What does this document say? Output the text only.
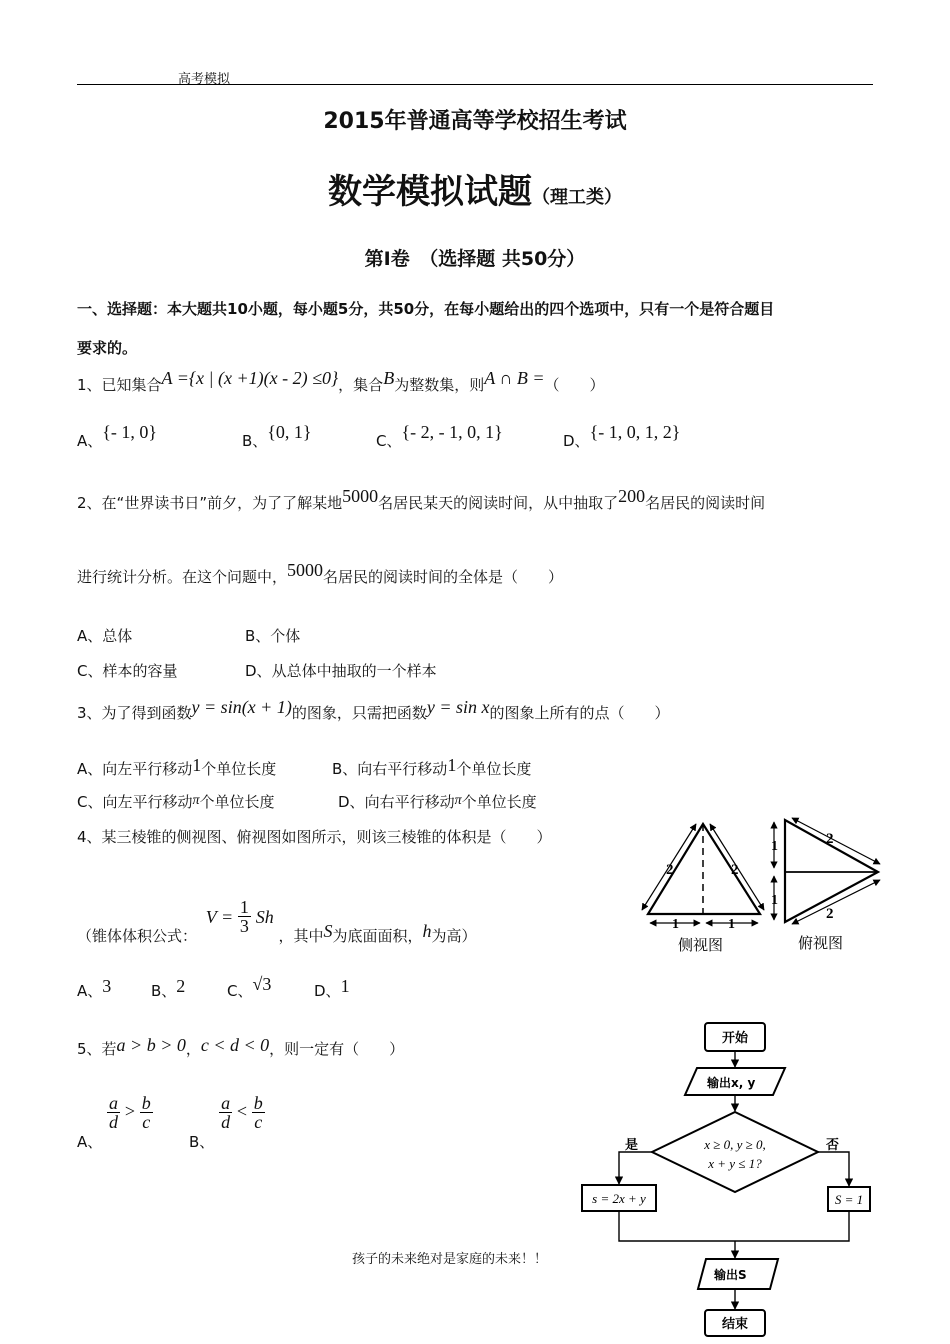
高考模拟
2015年普通高等学校招生考试
数学模拟试题（理工类）
第Ⅰ卷　（选择题 共50分）
一、选择题：本大题共10小题，每小题5分，共50分，在每小题给出的四个选项中，只有一个是符合题目
要求的。
1、已知集合A ={x | (x +1)(x - 2) ≤0}，集合B为整数集，则A ∩ B =（　　）
A、{- 1, 0}	B、{0, 1}	C、{- 2, - 1, 0, 1}	D、{- 1, 0, 1, 2}
2、在“世界读书日”前夕，为了了解某地5000名居民某天的阅读时间，从中抽取了200名居民的阅读时间
进行统计分析。在这个问题中，5000名居民的阅读时间的全体是（　　）
A、总体	B、个体
C、样本的容量	D、从总体中抽取的一个样本
3、为了得到函数y = sin(x + 1)的图象，只需把函数y = sin x的图象上所有的点（　　）
A、向左平行移动1个单位长度	B、向右平行移动1个单位长度
C、向左平行移动π个单位长度	D、向右平行移动π个单位长度
4、某三棱锥的侧视图、俯视图如图所示，则该三棱锥的体积是（　　）
（锥体体积公式： $V = \frac{1}{3}$ Sh ，其中S为底面面积，h为高）
A、3	B、2	C、√3	D、1
2	2
1	1
侧视图
1
1
2
2
俯视图
5、若a > b > 0，c < d < 0，则一定有（　　）
A、
$\frac{a}{d} > \frac{b}{c}$
B、
$\frac{a}{d} < \frac{b}{c}$
开始
输出x, y
x ≥ 0, y ≥ 0,
x + y ≤ 1?
是	否
s = 2x + y	S = 1
输出S
结束
孩子的未来绝对是家庭的未来！！
